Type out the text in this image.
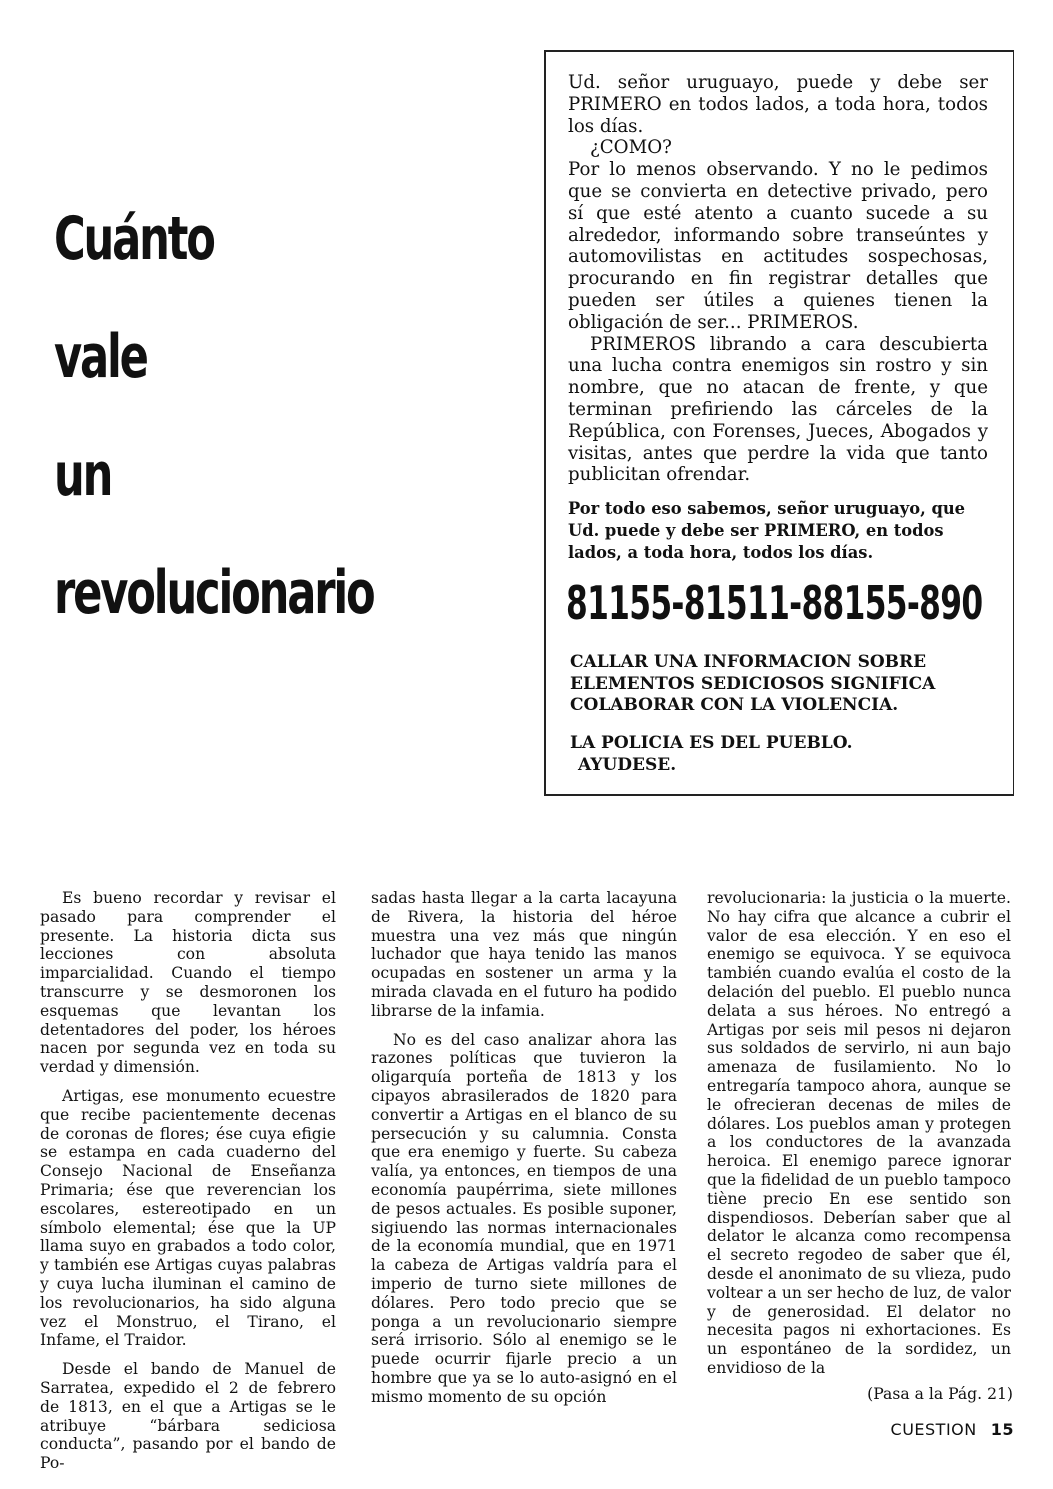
Cuánto
vale
un
revolucionario

Ud. señor uruguayo, puede y debe ser PRIMERO en todos lados, a toda hora, todos los días.

¿COMO?

Por lo menos observando. Y no le pedimos que se convierta en detective privado, pero sí que esté atento a cuanto sucede a su alrededor, informando sobre transeúntes y automovilistas en actitudes sospechosas, procurando en fin registrar detalles que pueden ser útiles a quienes tienen la obligación de ser... PRIMEROS.

PRIMEROS librando a cara descubierta una lucha contra enemigos sin rostro y sin nombre, que no atacan de frente, y que terminan prefiriendo las cárceles de la República, con Forenses, Jueces, Abogados y visitas, antes que perdre la vida que tanto publicitan ofrendar.

Por todo eso sabemos, señor uruguayo, que Ud. puede y debe ser PRIMERO, en todos lados, a toda hora, todos los días.
81155-81511-88155-890
CALLAR UNA INFORMACION SOBRE ELEMENTOS SEDICIOSOS SIGNIFICA COLABORAR CON LA VIOLENCIA.
LA POLICIA ES DEL PUEBLO.
AYUDESE.

Es bueno recordar y revisar el pasado para comprender el presente. La historia dicta sus lecciones con absoluta imparcialidad. Cuando el tiempo transcurre y se desmoronen los esquemas que levantan los detentadores del poder, los héroes nacen por segunda vez en toda su verdad y dimensión.

Artigas, ese monumento ecuestre que recibe pacientemente decenas de coronas de flores; ése cuya efigie se estampa en cada cuaderno del Consejo Nacional de Enseñanza Primaria; ése que reverencian los escolares, estereotipado en un símbolo elemental; ése que la UP llama suyo en grabados a todo color, y también ese Artigas cuyas palabras y cuya lucha iluminan el camino de los revolucionarios, ha sido alguna vez el Monstruo, el Tirano, el Infame, el Traidor.

Desde el bando de Manuel de Sarratea, expedido el 2 de febrero de 1813, en el que a Artigas se le atribuye “bárbara sediciosa conducta”, pasando por el bando de Po-

sadas hasta llegar a la carta lacayuna de Rivera, la historia del héroe muestra una vez más que ningún luchador que haya tenido las manos ocupadas en sostener un arma y la mirada clavada en el futuro ha podido librarse de la infamia.

No es del caso analizar ahora las razones políticas que tuvieron la oligarquía porteña de 1813 y los cipayos abrasilerados de 1820 para convertir a Artigas en el blanco de su persecución y su calumnia. Consta que era enemigo y fuerte. Su cabeza valía, ya entonces, en tiempos de una economía paupérrima, siete millones de pesos actuales. Es posible suponer, sigiuendo las normas internacionales de la economía mundial, que en 1971 la cabeza de Artigas valdría para el imperio de turno siete millones de dólares. Pero todo precio que se ponga a un revolucionario siempre será irrisorio. Sólo al enemigo se le puede ocurrir fijarle precio a un hombre que ya se lo auto-asignó en el mismo momento de su opción

revolucionaria: la justicia o la muerte. No hay cifra que alcance a cubrir el valor de esa elección. Y en eso el enemigo se equivoca. Y se equivoca también cuando evalúa el costo de la delación del pueblo. El pueblo nunca delata a sus héroes. No entregó a Artigas por seis mil pesos ni dejaron sus soldados de servirlo, ni aun bajo amenaza de fusilamiento. No lo entregaría tampoco ahora, aunque se le ofrecieran decenas de miles de dólares. Los pueblos aman y protegen a los conductores de la avanzada heroica. El enemigo parece ignorar que la fidelidad de un pueblo tampoco tiène precio En ese sentido son dispendiosos. Deberían saber que al delator le alcanza como recompensa el secreto regodeo de saber que él, desde el anonimato de su vlieza, pudo voltear a un ser hecho de luz, de valor y de generosidad. El delator no necesita pagos ni exhortaciones. Es un espontáneo de la sordidez, un envidioso de la

(Pasa a la Pág. 21)
CUESTION 15
